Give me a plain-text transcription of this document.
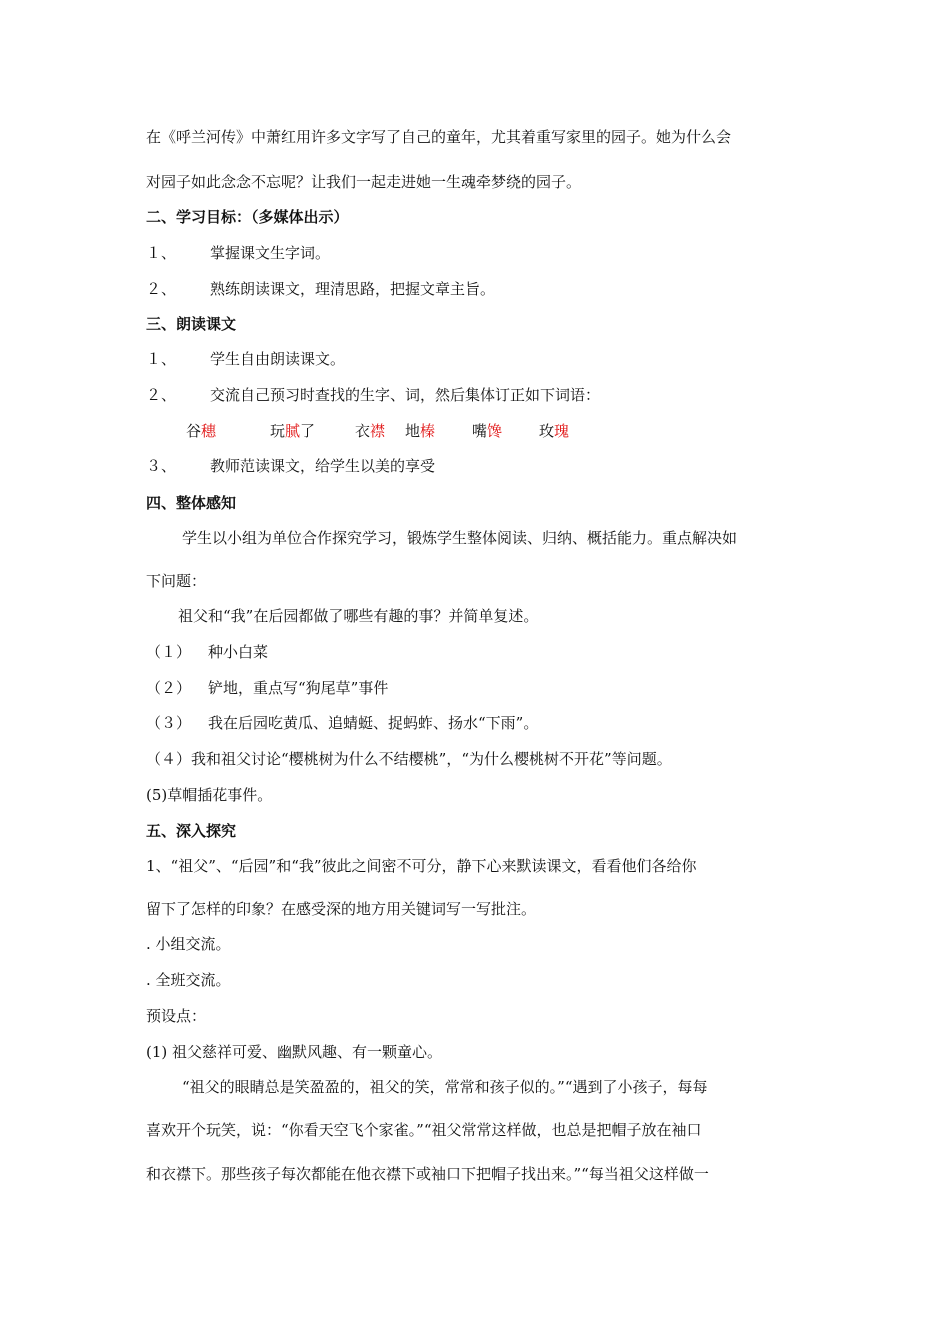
在《呼兰河传》中萧红用许多文字写了自己的童年，尤其着重写家里的园子。她为什么会
对园子如此念念不忘呢？让我们一起走进她一生魂牵梦绕的园子。
二、学习目标：（多媒体出示）
１、 掌握课文生字词。
２、 熟练朗读课文，理清思路，把握文章主旨。
三、朗读课文
１、 学生自由朗读课文。
２、 交流自己预习时查找的生字、词，然后集体订正如下词语：
谷穗	玩腻了	衣襟 地榛 嘴馋 玫瑰
３、 教师范读课文，给学生以美的享受
四、整体感知
学生以小组为单位合作探究学习，锻炼学生整体阅读、归纳、概括能力。重点解决如
下问题：
祖父和“我”在后园都做了哪些有趣的事？并简单复述。
（１） 种小白菜
（２） 铲地，重点写“狗尾草”事件
（３） 我在后园吃黄瓜、追蜻蜓、捉蚂蚱、扬水“下雨”。
（４）我和祖父讨论“樱桃树为什么不结樱桃”，“为什么樱桃树不开花”等问题。
(5)草帽插花事件。
五、深入探究
1、“祖父”、“后园”和“我”彼此之间密不可分，静下心来默读课文，看看他们各给你
留下了怎样的印象？在感受深的地方用关键词写一写批注。
. 小组交流。
. 全班交流。
预设点：
(1) 祖父慈祥可爱、幽默风趣、有一颗童心。
“祖父的眼睛总是笑盈盈的，祖父的笑，常常和孩子似的。”“遇到了小孩子，每每
喜欢开个玩笑，说：“你看天空飞个家雀。”“祖父常常这样做，也总是把帽子放在袖口
和衣襟下。那些孩子每次都能在他衣襟下或袖口下把帽子找出来。”“每当祖父这样做一
